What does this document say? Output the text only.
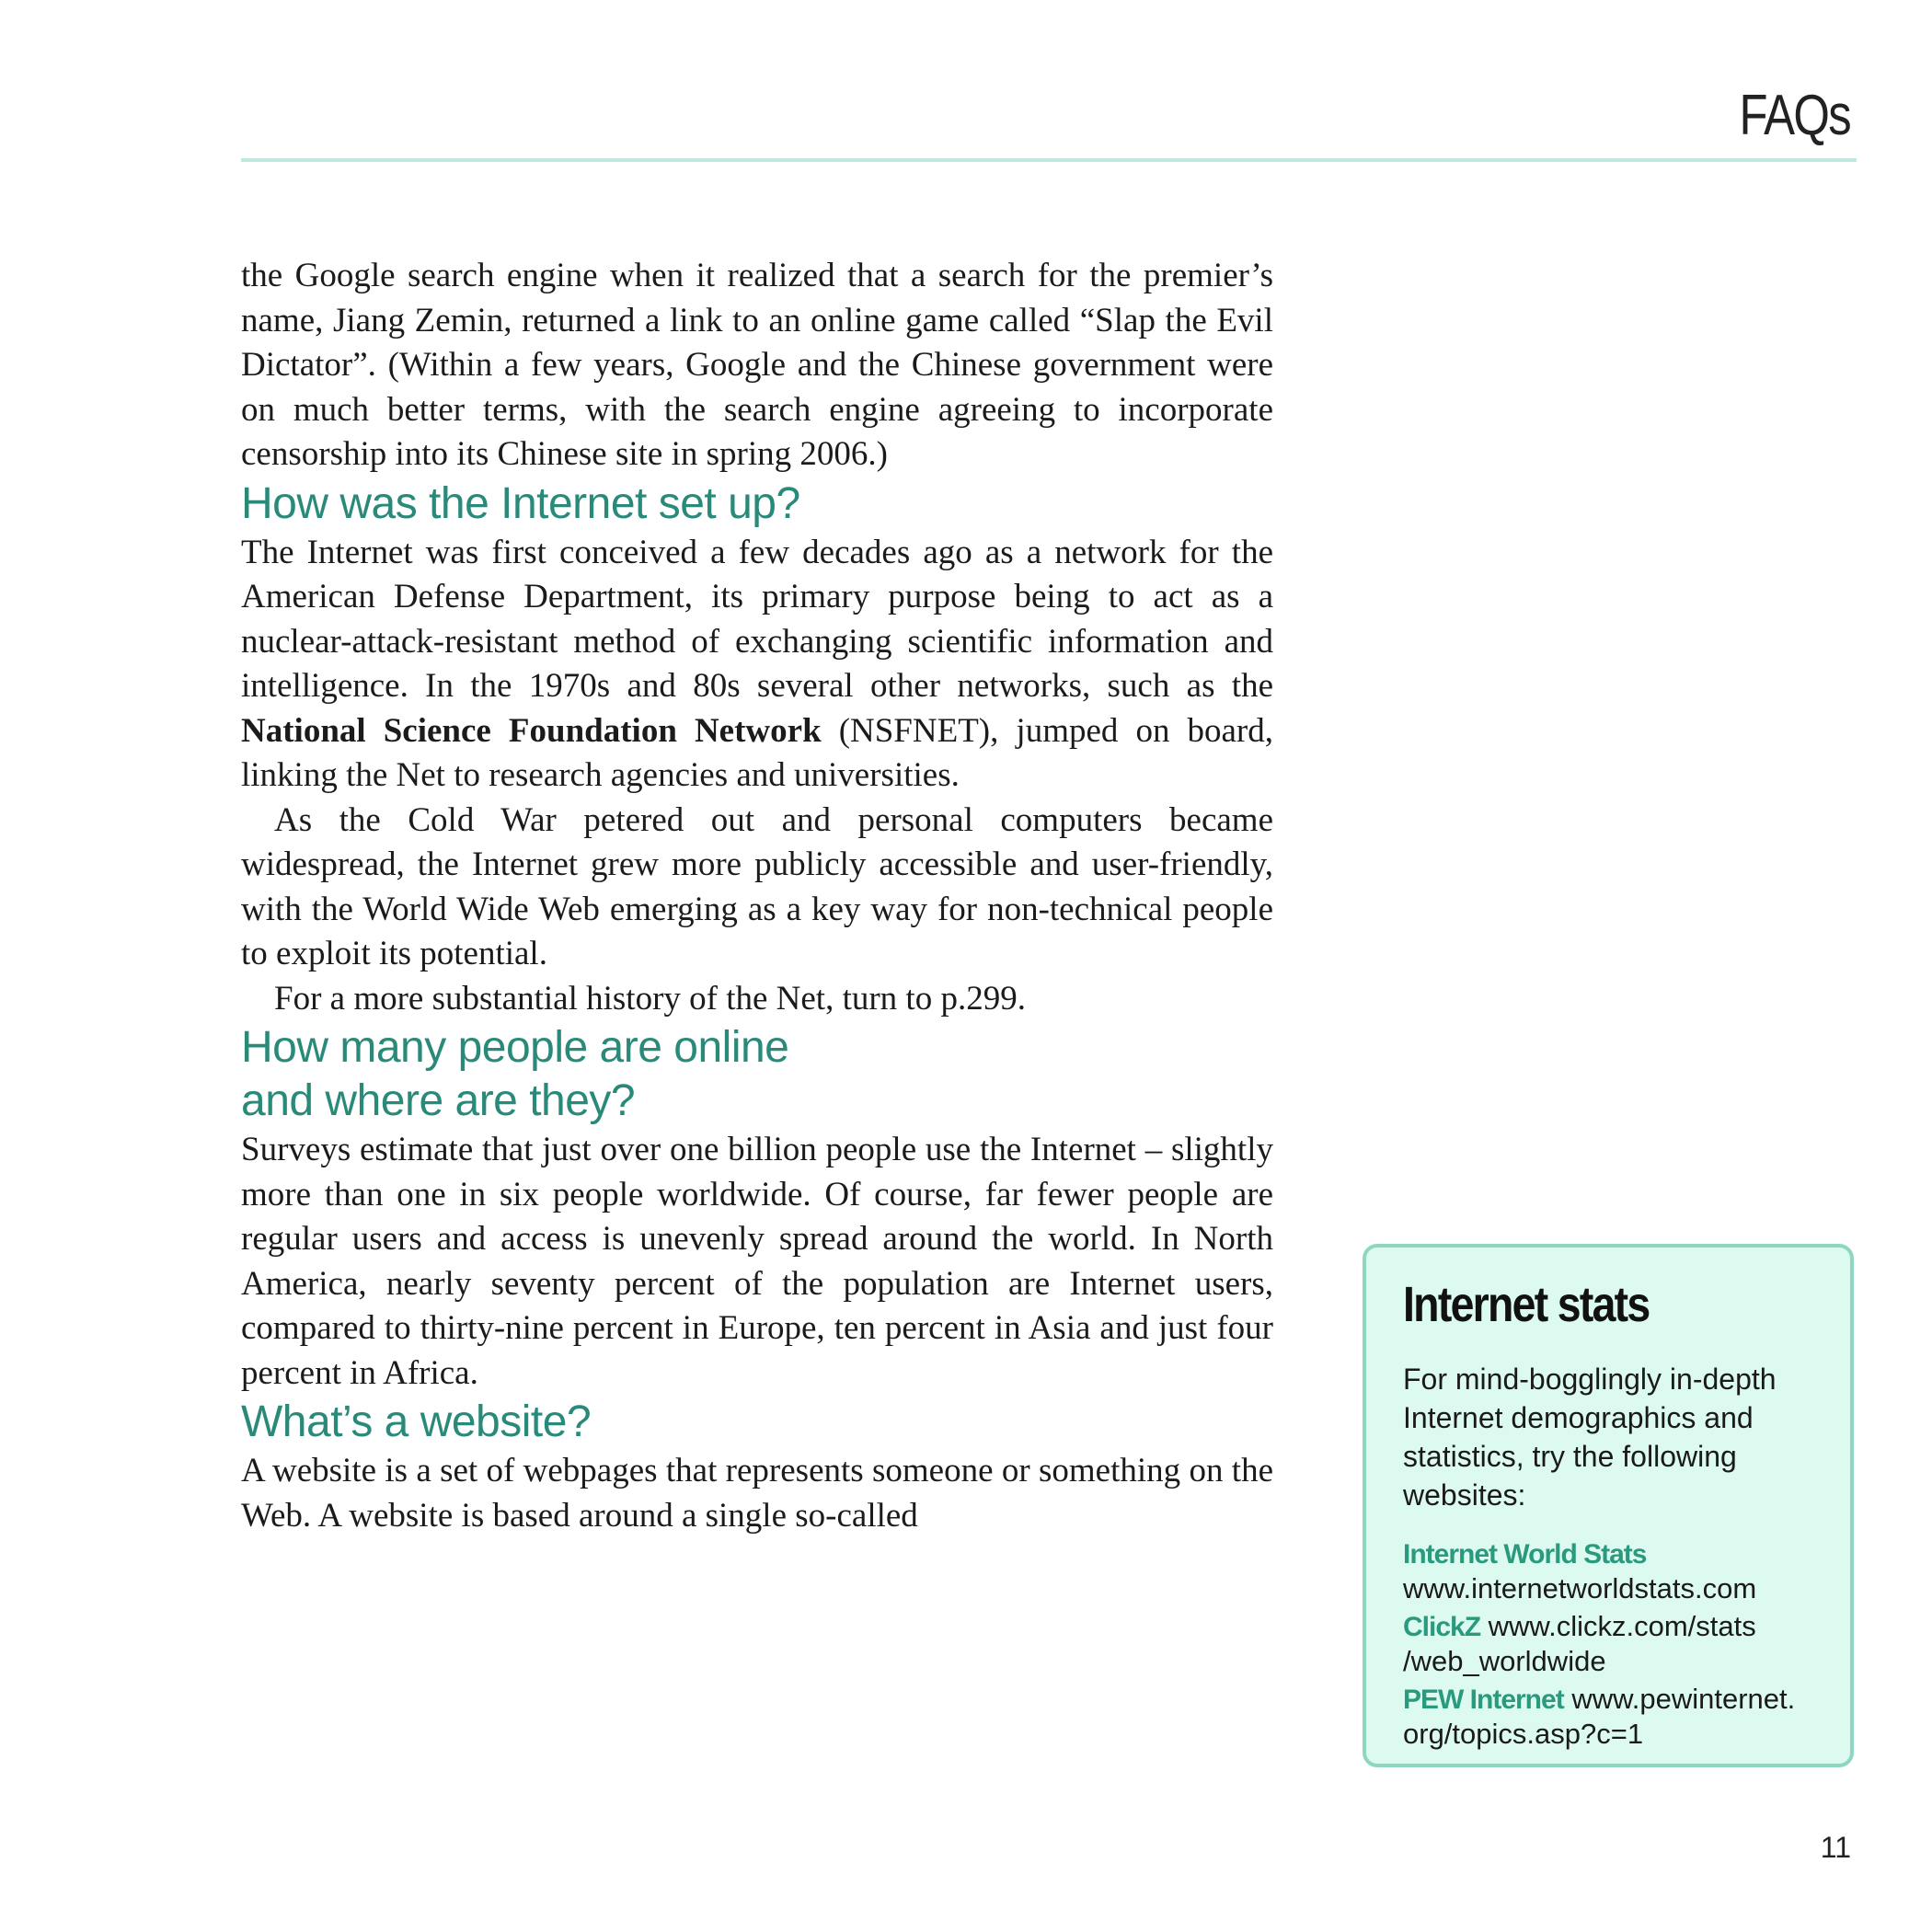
FAQs

the Google search engine when it realized that a search for the premier’s name, Jiang Zemin, returned a link to an online game called “Slap the Evil Dictator”. (Within a few years, Google and the Chinese government were on much better terms, with the search engine agreeing to incorporate censorship into its Chinese site in spring 2006.)

How was the Internet set up?

The Internet was first conceived a few decades ago as a network for the American Defense Department, its primary purpose being to act as a nuclear-attack-resistant method of exchanging scientific information and intelligence. In the 1970s and 80s several other networks, such as the National Science Foundation Network (NSFNET), jumped on board, linking the Net to research agencies and universities.

As the Cold War petered out and personal computers became widespread, the Internet grew more publicly accessible and user-friendly, with the World Wide Web emerging as a key way for non-technical people to exploit its potential.

For a more substantial history of the Net, turn to p.299.

How many people are online
and where are they?

Surveys estimate that just over one billion people use the Internet – slightly more than one in six people worldwide. Of course, far fewer people are regular users and access is unevenly spread around the world. In North America, nearly seventy percent of the population are Internet users, compared to thirty-nine percent in Europe, ten percent in Asia and just four percent in Africa.

What’s a website?

A website is a set of webpages that represents someone or something on the Web. A website is based around a single so-called

Internet stats
For mind-bogglingly in-depth Internet demographics and statistics, try the following websites:
Internet World Stats
www.internetworldstats.com
ClickZ www.clickz.com/stats /web_worldwide
PEW Internet www.pewinternet. org/topics.asp?c=1
11
